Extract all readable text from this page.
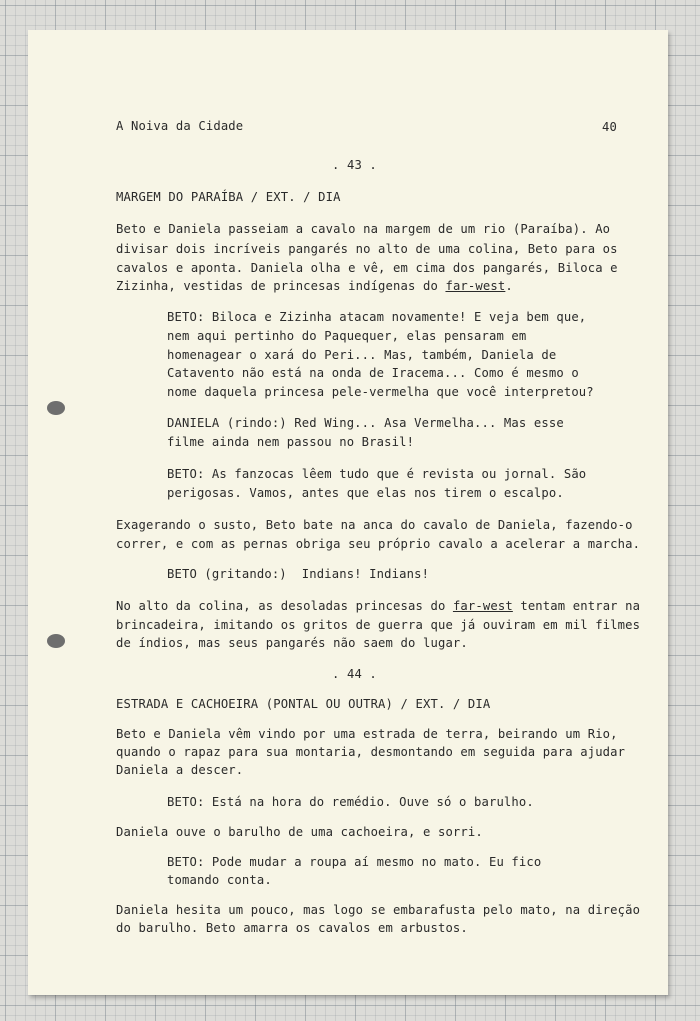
A Noiva da Cidade	40
. 43 .
MARGEM DO PARAÍBA / EXT. / DIA
Beto e Daniela passeiam a cavalo na margem de um rio (Paraíba). Ao
divisar dois incríveis pangarés no alto de uma colina, Beto para os
cavalos e aponta. Daniela olha e vê, em cima dos pangarés, Biloca e
Zizinha, vestidas de princesas indígenas do far-west.
BETO: Biloca e Zizinha atacam novamente! E veja bem que,
nem aqui pertinho do Paquequer, elas pensaram em
homenagear o xará do Peri... Mas, também, Daniela de
Catavento não está na onda de Iracema... Como é mesmo o
nome daquela princesa pele-vermelha que você interpretou?
DANIELA (rindo:) Red Wing... Asa Vermelha... Mas esse
filme ainda nem passou no Brasil!
BETO: As fanzocas lêem tudo que é revista ou jornal. São
perigosas. Vamos, antes que elas nos tirem o escalpo.
Exagerando o susto, Beto bate na anca do cavalo de Daniela, fazendo-o
correr, e com as pernas obriga seu próprio cavalo a acelerar a marcha.
BETO (gritando:)  Indians! Indians!
No alto da colina, as desoladas princesas do far-west tentam entrar na
brincadeira, imitando os gritos de guerra que já ouviram em mil filmes
de índios, mas seus pangarés não saem do lugar.
. 44 .
ESTRADA E CACHOEIRA (PONTAL OU OUTRA) / EXT. / DIA
Beto e Daniela vêm vindo por uma estrada de terra, beirando um Rio,
quando o rapaz para sua montaria, desmontando em seguida para ajudar
Daniela a descer.
BETO: Está na hora do remédio. Ouve só o barulho.
Daniela ouve o barulho de uma cachoeira, e sorri.
BETO: Pode mudar a roupa aí mesmo no mato. Eu fico
tomando conta.
Daniela hesita um pouco, mas logo se embarafusta pelo mato, na direção
do barulho. Beto amarra os cavalos em arbustos.
